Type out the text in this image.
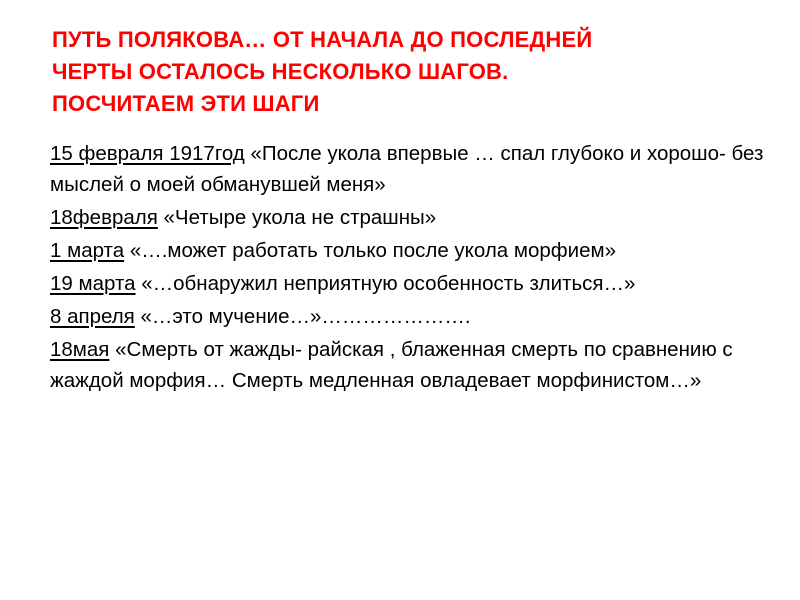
ПУТЬ ПОЛЯКОВА… ОТ НАЧАЛА ДО ПОСЛЕДНЕЙ
ЧЕРТЫ ОСТАЛОСЬ НЕСКОЛЬКО ШАГОВ.
ПОСЧИТАЕМ ЭТИ ШАГИ

15 февраля 1917год «После укола впервые … спал глубоко и хорошо- без мыслей о моей обманувшей меня»

18февраля «Четыре укола не страшны»

1 марта «….может работать только после укола морфием»

19 марта «…обнаружил неприятную особенность злиться…»

8 апреля «…это мучение…»………………….

18мая «Смерть от жажды- райская , блаженная смерть по сравнению с жаждой морфия… Смерть медленная овладевает морфинистом…»
